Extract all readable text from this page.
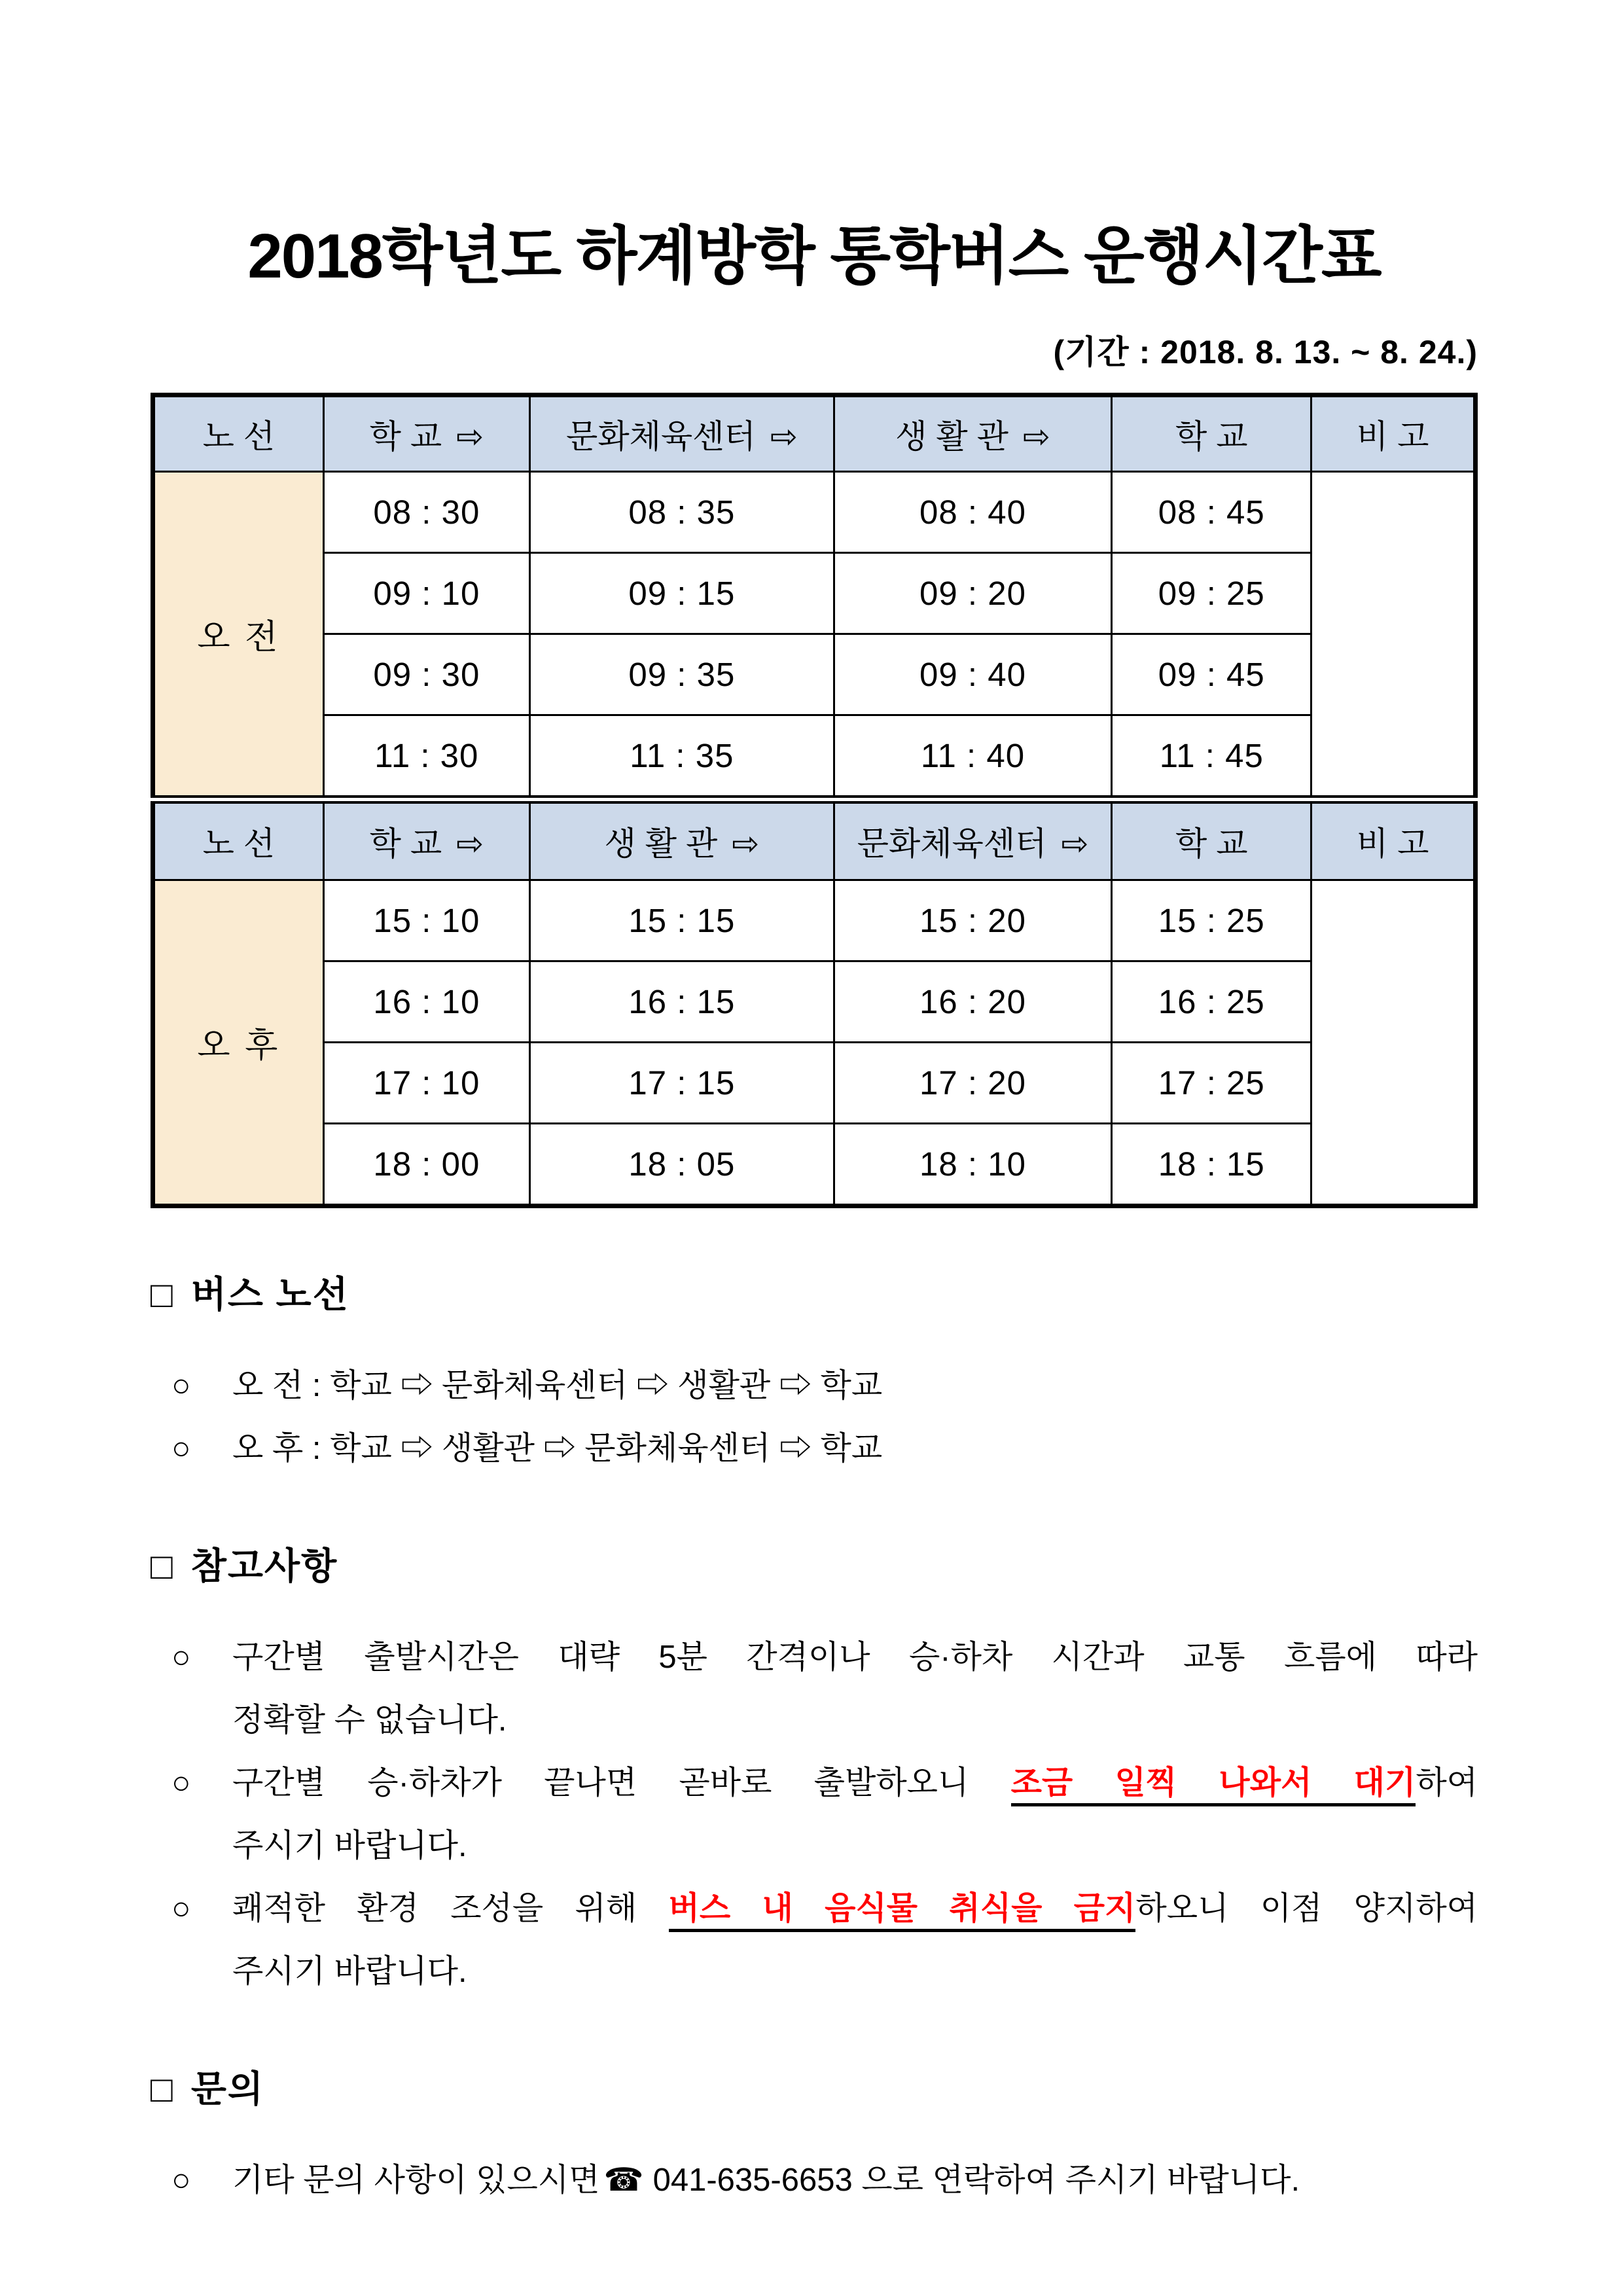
2018학년도 하계방학 통학버스 운행시간표
(기간 : 2018. 8. 13. ~ 8. 24.)
노 선	학 교 ⇨	문화체육센터 ⇨	생 활 관 ⇨	학 교	비 고
오 전	08 : 30	08 : 35	08 : 40	08 : 45	
	09 : 10	09 : 15	09 : 20	09 : 25	
	09 : 30	09 : 35	09 : 40	09 : 45	
	11 : 30	11 : 35	11 : 40	11 : 45	
노 선	학 교 ⇨	생 활 관 ⇨	문화체육센터 ⇨	학 교	비 고
오 후	15 : 10	15 : 15	15 : 20	15 : 25	
	16 : 10	16 : 15	16 : 20	16 : 25	
	17 : 10	17 : 15	17 : 20	17 : 25	
	18 : 00	18 : 05	18 : 10	18 : 15	
□ 버스 노선
○ 오 전 : 학교 ⇨ 문화체육센터 ⇨ 생활관 ⇨ 학교
○ 오 후 : 학교 ⇨ 생활관 ⇨ 문화체육센터 ⇨ 학교
□ 참고사항
○ 구간별 출발시간은 대략 5분 간격이나 승·하차 시간과 교통 흐름에 따라
정확할 수 없습니다.
○ 구간별 승·하차가 끝나면 곧바로 출발하오니 조금 일찍 나와서 대기하여
주시기 바랍니다.
○ 쾌적한 환경 조성을 위해 버스 내 음식물 취식을 금지하오니 이점 양지하여
주시기 바랍니다.
□ 문의
○ 기타 문의 사항이 있으시면 ☎ 041-635-6653 으로 연락하여 주시기 바랍니다.
